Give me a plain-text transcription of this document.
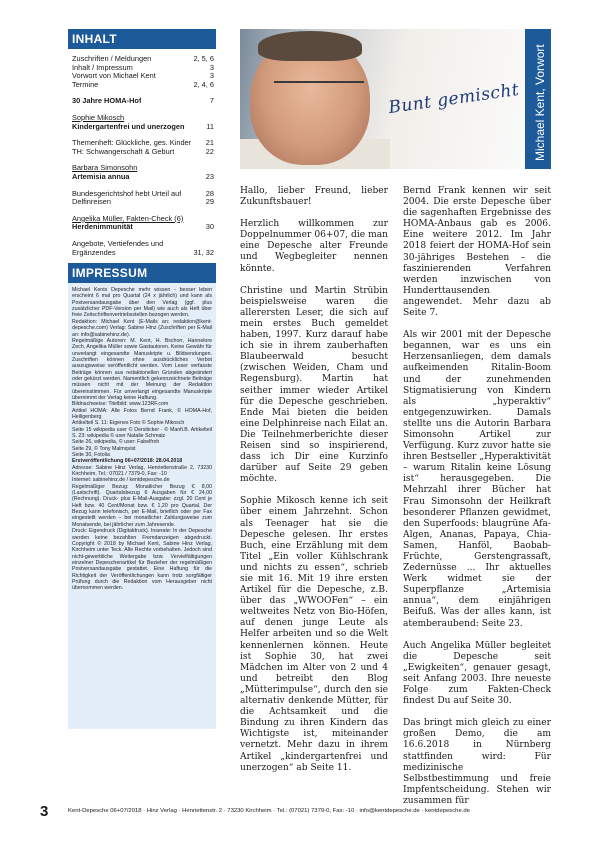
INHALT
Zuschriften / Meldungen	2, 5, 6
Inhalt / Impressum	3
Vorwort von Michael Kent	3
Termine	2, 4, 6
30 Jahre HOMA-Hof	7
Sophie Mikosch
Kindergartenfrei und unerzogen	11
Themenheft: Glückliche, ges. Kinder	21
TH: Schwangerschaft & Geburt	22
Barbara Simonsohn
Artemisia annua	23
Bundesgerichtshof hebt Urteil auf	28
Delfinreisen	29
Angelika Müller, Fakten-Check (6)
Herdenimmunität	30
Angebote, Vertiefendes und
Ergänzendes	31, 32
IMPRESSUM

Michael Kents Depesche mehr wissen - besser leben erscheint 6 mal pro Quartal (24 x jährlich) und kann als Postversandausgabe über den Verlag (ggf. plus zusätzlicher PDF-Version per Mail) wie auch als Heft über freie Zeitschriftenvertriebsstellen bezogen werden.

Redaktion: Michael Kent (E-Mails an: redaktion@kent-depesche.com) Verlag: Sabine Hinz (Zuschriften per E-Mail an: info@sabinehinz.de).

Regelmäßige Autoren: M. Kent, H. Bschorr, Hannelore Zech, Angelika Müller sowie Gastautoren. Keine Gewähr für unverlangt eingesandte Manuskripte u. Bildsendungen. Zuschriften können ohne ausdrückliches Verbot auszugsweise veröffentlicht werden. Vom Leser verfasste Beiträge können aus redaktionellen Gründen abgeändert oder gekürzt werden. Namentlich gekennzeichnete Beiträge müssen nicht mit der Meinung der Redaktion übereinstimmen. Für unverlangt eingesandte Manuskripte übernimmt der Verlag keine Haftung.

Bildnachweise: Titelbild: www.123RF.com

Artikel HOMA: Alle Fotos Bernd Frank, © HOMA-Hof, Heiligenberg

Artikelteil S. 11: Eigenes Foto © Sophie Mikosch

Seite 15 wikipedia user © Derstiicker · © Manfi.B. Artikelteil S. 23: wikipedia © user Natalie Schmalz

Seite 26, wikipedia, © user: Fabelfroh

Seite 29, © Tony Malmqvist

Seite 30, Fotolia

Erstveröffentlichung 06+07/2018: 28.04.2018

Adresse: Sabine Hinz Verlag, Henriettenstraße 2, 73230 Kirchheim. Tel.: 07021 / 7379-0, Fax: -10

Internet: sabinehinz.de / kentdepesche.de

Regelmäßiger Bezug: Monatlicher Bezug € 8,00 (Lastschrift). Quartalsbezug 6 Ausgaben für € 24,00 (Rechnung). Druck- plus E-Mail-Ausgabe: zzgl. 20 Cent je Heft bzw. 40 Cent/Monat bzw. € 1,20 pro Quartal. Der Bezug kann telefonisch, per E-Mail, brieflich oder per Fax eingestellt werden – bei monatlicher Zahlungsweise zum Monatsende, bei jährlicher zum Jahresende.

Druck: Eigendruck (Digitaldruck). Inserate: In der Depesche werden keine bezahlten Fremdanzeigen abgedruckt. Copyright © 2018 by Michael Kent, Sabine Hinz Verlag, Kirchheim unter Teck. Alle Rechte vorbehalten. Jedoch sind nicht-gewerbliche Weitergabe bzw. Vervielfältigungen einzelner Depeschenartikel für Bezieher der regelmäßigen Postversandausgabe gestattet. Eine Haftung für die Richtigkeit der Veröffentlichungen kann trotz sorgfältiger Prüfung durch die Redaktion vom Herausgeber nicht übernommen werden.

Bunt gemischt Michael Kent, Vorwort

Hallo, lieber Freund, lieber Zukunftsbauer!

Herzlich willkommen zur Doppelnummer 06+07, die man eine Depesche alter Freunde und Wegbegleiter nennen könnte.

Christine und Martin Strübin beispielsweise waren die allerersten Leser, die sich auf mein erstes Buch gemeldet haben, 1997. Kurz darauf habe ich sie in ihrem zauberhaften Blaubeerwald besucht (zwischen Weiden, Cham und Regensburg). Martin hat seither immer wieder Artikel für die Depesche geschrieben. Ende Mai bieten die beiden eine Delphinreise nach Eilat an. Die Teilnehmerberichte dieser Reisen sind so inspirierend, dass ich Dir eine Kurzinfo darüber auf Seite 29 geben möchte.

Sophie Mikosch kenne ich seit über einem Jahrzehnt. Schon als Teenager hat sie die Depesche gelesen. Ihr erstes Buch, eine Erzählung mit dem Titel „Ein voller Kühlschrank und nichts zu essen“, schrieb sie mit 16. Mit 19 ihre ersten Artikel für die Depesche, z.B. über das „WWOOFen“ – ein weltweites Netz von Bio-Höfen, auf denen junge Leute als Helfer arbeiten und so die Welt kennenlernen können. Heute ist Sophie 30, hat zwei Mädchen im Alter von 2 und 4 und betreibt den Blog „Mütterimpulse“, durch den sie alternativ denkende Mütter, für die Achtsamkeit und die Bindung zu ihren Kindern das Wichtigste ist, miteinander vernetzt. Mehr dazu in ihrem Artikel „kindergartenfrei und unerzogen“ ab Seite 11.

Bernd Frank kennen wir seit 2004. Die erste Depesche über die sagenhaften Ergebnisse des HOMA-Anbaus gab es 2006. Eine weitere 2012. Im Jahr 2018 feiert der HOMA-Hof sein 30-jähriges Bestehen – die faszinierenden Verfahren werden inzwischen von Hunderttausenden angewendet. Mehr dazu ab Seite 7.

Als wir 2001 mit der Depesche begannen, war es uns ein Herzensanliegen, dem damals aufkeimenden Ritalin-Boom und der zunehmenden Stigmatisierung von Kindern als „hyperaktiv“ entgegenzuwirken. Damals stellte uns die Autorin Barbara Simonsohn Artikel zur Verfügung. Kurz zuvor hatte sie ihren Bestseller „Hyperaktivität – warum Ritalin keine Lösung ist“ herausgegeben. Die Mehrzahl ihrer Bücher hat Frau Simonsohn der Heilkraft besonderer Pflanzen gewidmet, den Superfoods: blaugrüne Afa-Algen, Ananas, Papaya, Chia-Samen, Hanföl, Baobab-Früchte, Gerstengrassaft, Zedernüsse ... Ihr aktuelles Werk widmet sie der Superpflanze „Artemisia annua“, dem einjährigen Beifuß. Was der alles kann, ist atemberaubend: Seite 23.

Auch Angelika Müller begleitet die Depesche seit „Ewigkeiten“, genauer gesagt, seit Anfang 2003. Ihre neueste Folge zum Fakten-Check findest Du auf Seite 30.

Das bringt mich gleich zu einer großen Demo, die am 16.6.2018 in Nürnberg stattfinden wird: Für medizinische Selbstbestimmung und freie Impfentscheidung. Stehen wir zusammen für

3	Kent-Depesche 06+07/2018 · Hinz Verlag · Henriettenstr. 2 · 73230 Kirchheim · Tel.: (07021) 7379-0, Fax: -10 · info@kentdepesche.de · kentdepesche.de
